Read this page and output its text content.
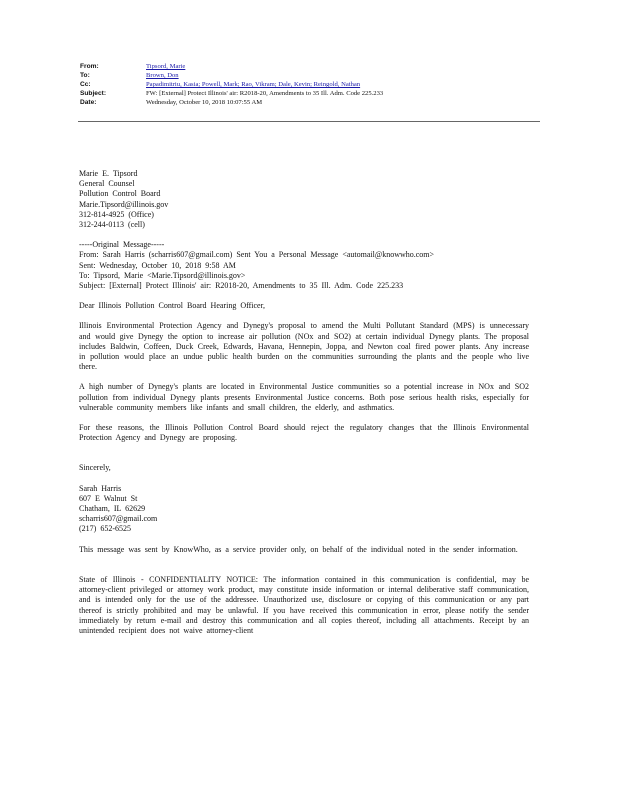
From:	Tipsord, Marie
To:	Brown, Don
Cc:	Papadimitriu, Kasia; Powell, Mark; Rao, Vikram; Dale, Kevin; Reingold, Nathan
Subject:	FW: [External] Protect Illinois' air: R2018-20, Amendments to 35 Ill. Adm. Code 225.233
Date:	Wednesday, October 10, 2018 10:07:55 AM

Marie E. Tipsord

General Counsel

Pollution Control Board

Marie.Tipsord@illinois.gov

312-814-4925 (Office)

312-244-0113 (cell)

-----Original Message-----

From: Sarah Harris (scharris607@gmail.com) Sent You a Personal Message <automail@knowwho.com>

Sent: Wednesday, October 10, 2018 9:58 AM

To: Tipsord, Marie <Marie.Tipsord@illinois.gov>

Subject: [External] Protect Illinois' air: R2018-20, Amendments to 35 Ill. Adm. Code 225.233

Dear Illinois Pollution Control Board Hearing Officer,

Illinois Environmental Protection Agency and Dynegy's proposal to amend the Multi Pollutant Standard (MPS) is unnecessary and would give Dynegy the option to increase air pollution (NOx and SO2) at certain individual Dynegy plants. The proposal includes Baldwin, Coffeen, Duck Creek, Edwards, Havana, Hennepin, Joppa, and Newton coal fired power plants. Any increase in pollution would place an undue public health burden on the communities surrounding the plants and the people who live there.

A high number of Dynegy's plants are located in Environmental Justice communities so a potential increase in NOx and SO2 pollution from individual Dynegy plants presents Environmental Justice concerns. Both pose serious health risks, especially for vulnerable community members like infants and small children, the elderly, and asthmatics.

For these reasons, the Illinois Pollution Control Board should reject the regulatory changes that the Illinois Environmental Protection Agency and Dynegy are proposing.

Sincerely,

Sarah Harris

607 E Walnut St

Chatham, IL 62629

scharris607@gmail.com

(217) 652-6525

This message was sent by KnowWho, as a service provider only, on behalf of the individual noted in the sender information.

State of Illinois - CONFIDENTIALITY NOTICE: The information contained in this communication is confidential, may be attorney-client privileged or attorney work product, may constitute inside information or internal deliberative staff communication, and is intended only for the use of the addressee. Unauthorized use, disclosure or copying of this communication or any part thereof is strictly prohibited and may be unlawful. If you have received this communication in error, please notify the sender immediately by return e-mail and destroy this communication and all copies thereof, including all attachments. Receipt by an unintended recipient does not waive attorney-client
